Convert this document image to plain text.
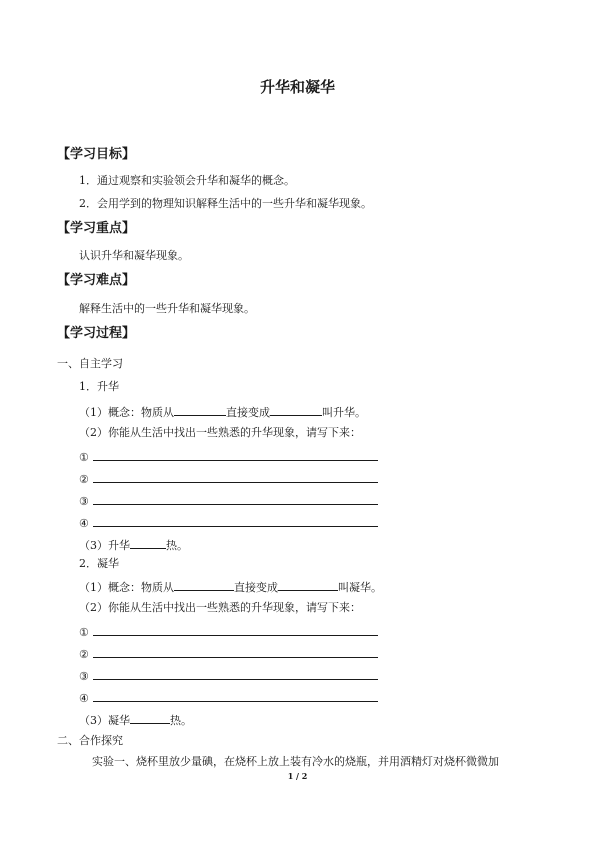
升华和凝华
【学习目标】
1．通过观察和实验领会升华和凝华的概念。
2．会用学到的物理知识解释生活中的一些升华和凝华现象。
【学习重点】
认识升华和凝华现象。
【学习难点】
解释生活中的一些升华和凝华现象。
【学习过程】
一、自主学习
1．升华
（1）概念：物质从	直接变成	叫升华。
（2）你能从生活中找出一些熟悉的升华现象，请写下来：
①
②
③
④
（3）升华	热。
2．凝华
（1）概念：物质从	直接变成	叫凝华。
（2）你能从生活中找出一些熟悉的升华现象，请写下来：
①
②
③
④
（3）凝华	热。
二、合作探究
实验一、烧杯里放少量碘，在烧杯上放上装有冷水的烧瓶，并用酒精灯对烧杯微微加
1 / 2
